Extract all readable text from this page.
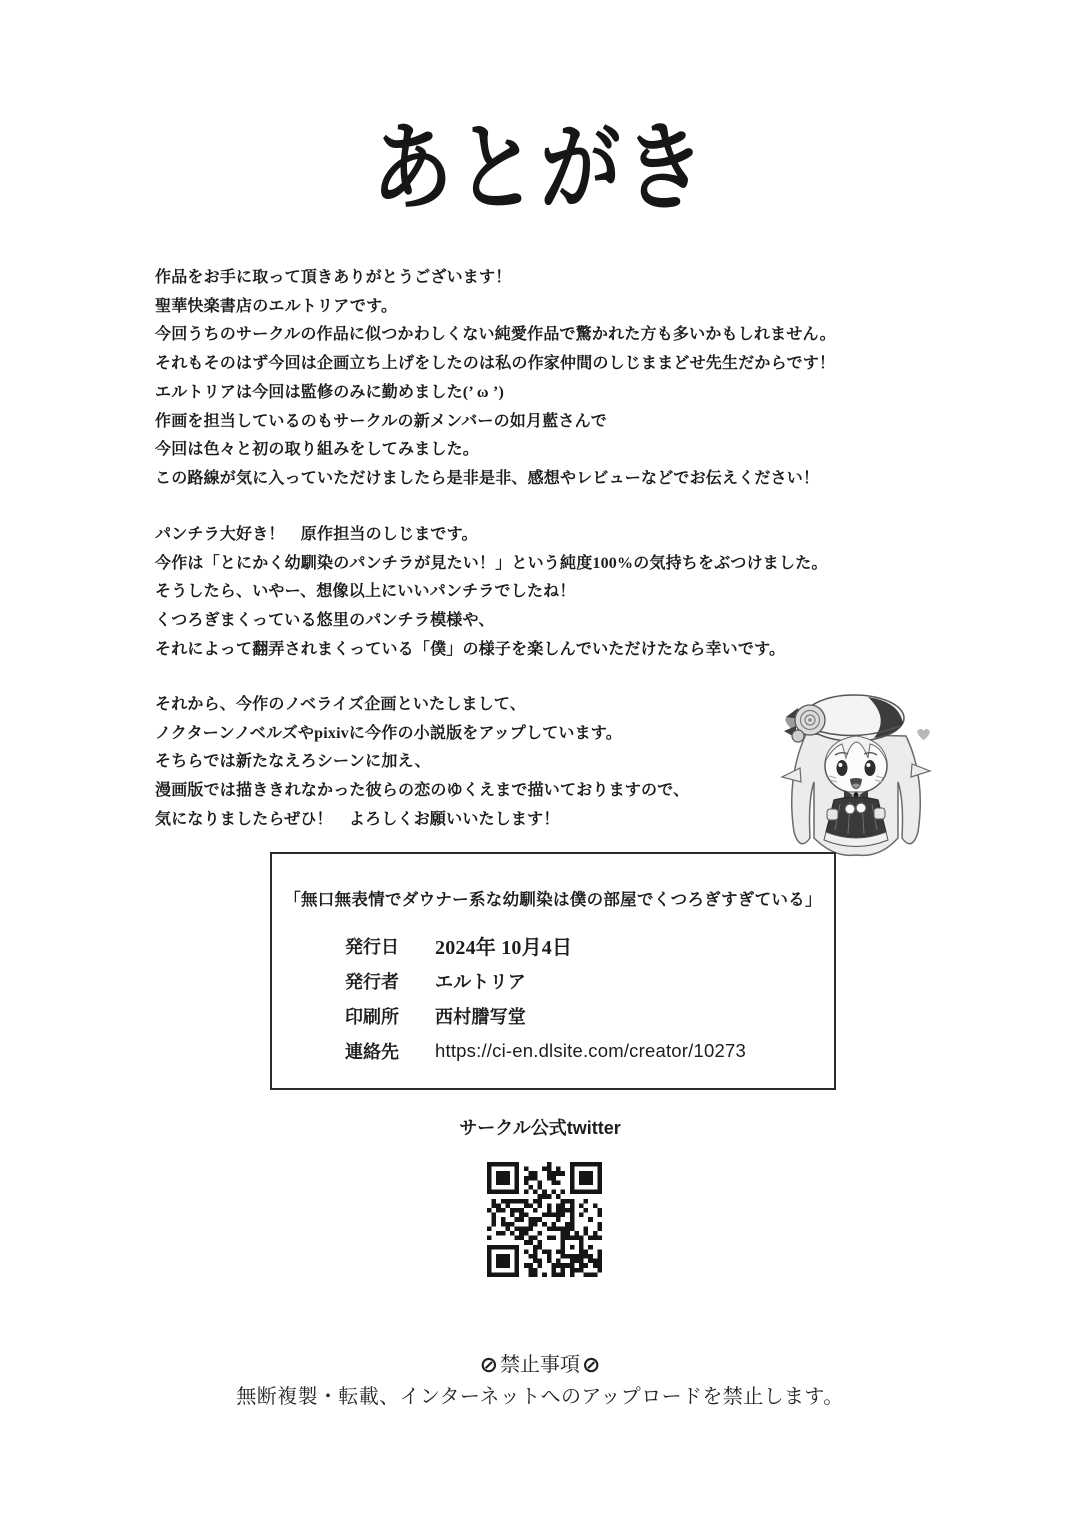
あとがき
作品をお手に取って頂きありがとうございます！
聖華快楽書店のエルトリアです。
今回うちのサークルの作品に似つかわしくない純愛作品で驚かれた方も多いかもしれません。
それもそのはず今回は企画立ち上げをしたのは私の作家仲間のしじままどせ先生だからです！
エルトリアは今回は監修のみに勤めました(’ ω ’)
作画を担当しているのもサークルの新メンバーの如月藍さんで
今回は色々と初の取り組みをしてみました。
この路線が気に入っていただけましたら是非是非、感想やレビューなどでお伝えください！
パンチラ大好き！　原作担当のしじまです。
今作は「とにかく幼馴染のパンチラが見たい！」という純度100%の気持ちをぶつけました。
そうしたら、いやー、想像以上にいいパンチラでしたね！
くつろぎまくっている悠里のパンチラ模様や、
それによって翻弄されまくっている「僕」の様子を楽しんでいただけたなら幸いです。
それから、今作のノベライズ企画といたしまして、
ノクターンノベルズやpixivに今作の小説版をアップしています。
そちらでは新たなえろシーンに加え、
漫画版では描ききれなかった彼らの恋のゆくえまで描いておりますので、
気になりましたらぜひ！　よろしくお願いいたします！
「無口無表情でダウナー系な幼馴染は僕の部屋でくつろぎすぎている」
発行日	2024年 10月4日
発行者	エルトリア
印刷所	西村謄写堂
連絡先	https://ci-en.dlsite.com/creator/10273
サークル公式twitter
⊘ 禁止事項⊘
無断複製・転載、インターネットへのアップロードを禁止します。
